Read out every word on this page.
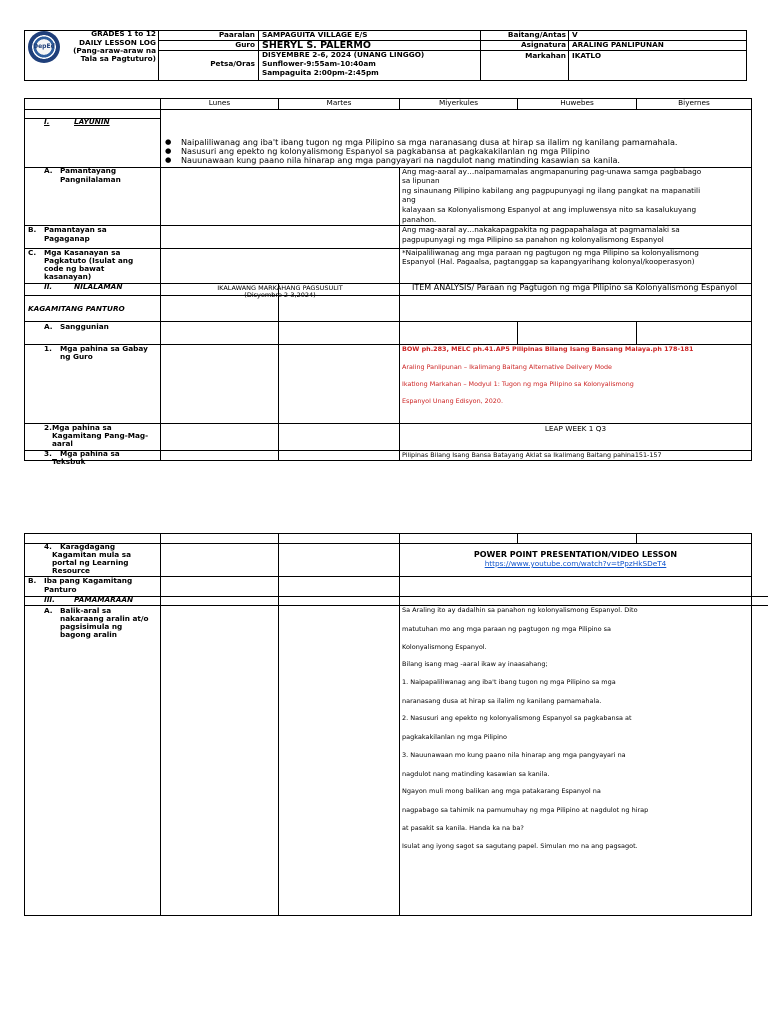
DepEd
GRADES 1 to 12
DAILY LESSON LOG
(Pang-araw-araw na
Tala sa Pagtuturo)
Paaralan SAMPAGUITA VILLAGE E/S
Guro SHERYL S. PALERMO
Petsa/Oras
DISYEMBRE 2-6, 2024 (UNANG LINGGO)
Sunflower-9:55am-10:40am
Sampaguita 2:00pm-2:45pm
Baitang/Antas V
Asignatura ARALING PANLIPUNAN
Markahan IKATLO
Lunes	Martes	Miyerkules	Huwebes	Biyernes
I.	LAYUNIN
● Naipaliliwanag ang iba't ibang tugon ng mga Pilipino sa mga naranasang dusa at hirap sa ilalim ng kanilang pamamahala.
● Nasusuri ang epekto ng kolonyalismong Espanyol sa pagkabansa at pagkakakilanlan ng mga Pilipino
● Nauunawaan kung paano nila hinarap ang mga pangyayari na nagdulot nang matinding kasawian sa kanila.
A. Pamantayang
Pangnilalaman
Ang mag-aaral ay…naipamamalas angmapanuring pag-unawa samga pagbabago
sa lipunan
ng sinaunang Pilipino kabilang ang pagpupunyagi ng ilang pangkat na mapanatili
ang
kalayaan sa Kolonyalismong Espanyol at ang impluwensya nito sa kasalukuyang
panahon.
B. Pamantayan sa
Pagaganap
Ang mag-aaral ay…nakakapagpakita ng pagpapahalaga at pagmamalaki sa
pagpupunyagi ng mga Pilipino sa panahon ng kolonyalismong Espanyol
C. Mga Kasanayan sa
Pagkatuto (Isulat ang
code ng bawat
kasanayan)
*Naipaliliwanag ang mga paraan ng pagtugon ng mga Pilipino sa kolonyalismong
Espanyol (Hal. Pagaalsa, pagtanggap sa kapangyarihang kolonyal/kooperasyon)
II.	NILALAMAN	IKALAWANG MARKAHANG PAGSUSULIT
(Disyembre 2-3,2024)
ITEM ANALYSIS/ Paraan ng Pagtugon ng mga Pilipino sa Kolonyalismong Espanyol
KAGAMITANG PANTURO
A. Sanggunian
1. Mga pahina sa Gabay
ng Guro
BOW ph.283, MELC ph.41.AP5 Pilipinas Bilang Isang Bansang Malaya.ph 178-181
Araling Panlipunan – Ikalimang Baitang Alternative Delivery Mode
Ikatlong Markahan – Modyul 1: Tugon ng mga Pilipino sa Kolonyalismong
Espanyol Unang Edisyon, 2020.
2. Mga pahina sa
Kagamitang Pang-Mag-
aaral
LEAP WEEK 1 Q3
3. Mga pahina sa
Teksbuk
Pilipinas Bilang Isang Bansa Batayang Aklat sa Ikalimang Baitang pahina151-157
4. Karagdagang
Kagamitan mula sa
portal ng Learning
Resource
POWER POINT PRESENTATION/VIDEO LESSON
https://www.youtube.com/watch?v=tPpzHkSDeT4
B. Iba pang Kagamitang
Panturo
III.	PAMAMARAAN
A. Balik-aral sa
nakaraang aralin at/o
pagsisimula ng
bagong aralin
Sa Araling ito ay dadalhin sa panahon ng kolonyalismong Espanyol. Dito
matutuhan mo ang mga paraan ng pagtugon ng mga Pilipino sa
Kolonyalismong Espanyol.
Bilang isang mag -aaral ikaw ay inaasahang;
1. Naipapaliliwanag ang iba't ibang tugon ng mga Pilipino sa mga
naranasang dusa at hirap sa ilalim ng kanilang pamamahala.
2. Nasusuri ang epekto ng kolonyalismong Espanyol sa pagkabansa at
pagkakakilanlan ng mga Pilipino
3. Nauunawaan mo kung paano nila hinarap ang mga pangyayari na
nagdulot nang matinding kasawian sa kanila.
Ngayon muli mong balikan ang mga patakarang Espanyol na
nagpabago sa tahimik na pamumuhay ng mga Pilipino at nagdulot ng hirap
at pasakit sa kanila. Handa ka na ba?
Isulat ang iyong sagot sa sagutang papel. Simulan mo na ang pagsagot.
